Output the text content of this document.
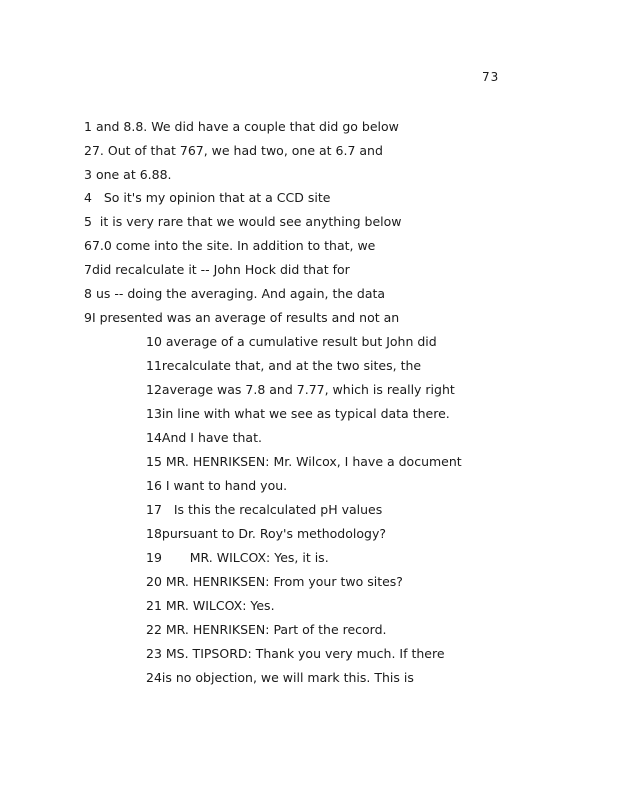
73
1 and 8.8. We did have a couple that did go below
27. Out of that 767, we had two, one at 6.7 and
3 one at 6.88.
4 So it's my opinion that at a CCD site
5 it is very rare that we would see anything below
67.0 come into the site. In addition to that, we
7did recalculate it -- John Hock did that for
8 us -- doing the averaging. And again, the data
9I presented was an average of results and not an
10 average of a cumulative result but John did
11recalculate that, and at the two sites, the
12average was 7.8 and 7.77, which is really right
13in line with what we see as typical data there.
14And I have that.
15 MR. HENRIKSEN: Mr. Wilcox, I have a document
16 I want to hand you.
17 Is this the recalculated pH values
18pursuant to Dr. Roy's methodology?
19 MR. WILCOX: Yes, it is.
20 MR. HENRIKSEN: From your two sites?
21 MR. WILCOX: Yes.
22 MR. HENRIKSEN: Part of the record.
23 MS. TIPSORD: Thank you very much. If there
24is no objection, we will mark this. This is
